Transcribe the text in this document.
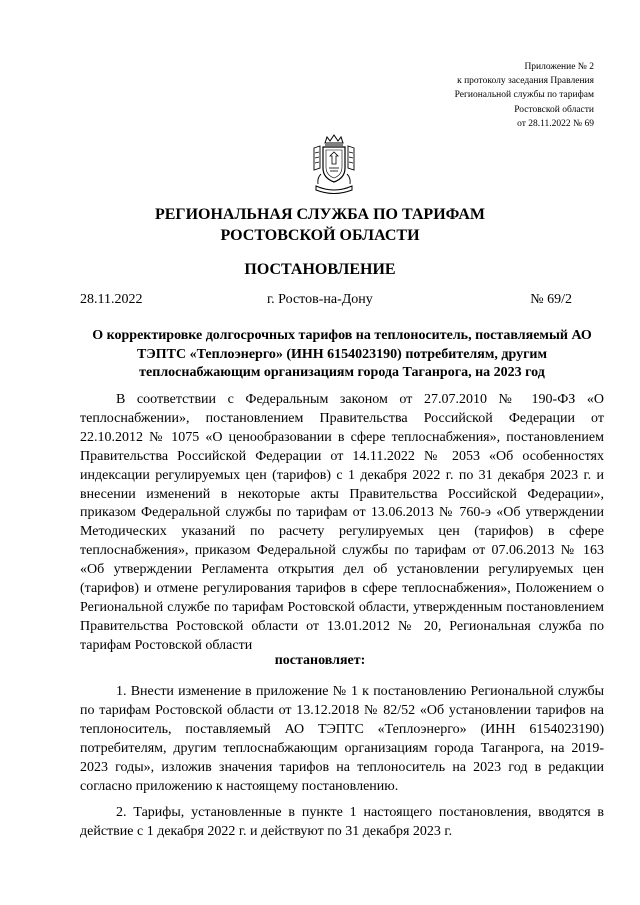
Приложение № 2
к протоколу заседания Правления
Региональной службы по тарифам
Ростовской области
от 28.11.2022 № 69
РЕГИОНАЛЬНАЯ СЛУЖБА ПО ТАРИФАМ
РОСТОВСКОЙ ОБЛАСТИ
ПОСТАНОВЛЕНИЕ
28.11.2022	г. Ростов-на-Дону	№ 69/2
О корректировке долгосрочных тарифов на теплоноситель, поставляемый АО ТЭПТС «Теплоэнерго» (ИНН 6154023190) потребителям, другим теплоснабжающим организациям города Таганрога, на 2023 год

В соответствии с Федеральным законом от 27.07.2010 № 190-ФЗ «О теплоснабжении», постановлением Правительства Российской Федерации от 22.10.2012 № 1075 «О ценообразовании в сфере теплоснабжения», постановлением Правительства Российской Федерации от 14.11.2022 № 2053 «Об особенностях индексации регулируемых цен (тарифов) с 1 декабря 2022 г. по 31 декабря 2023 г. и внесении изменений в некоторые акты Правительства Российской Федерации», приказом Федеральной службы по тарифам от 13.06.2013 № 760-э «Об утверждении Методических указаний по расчету регулируемых цен (тарифов) в сфере теплоснабжения», приказом Федеральной службы по тарифам от 07.06.2013 № 163 «Об утверждении Регламента открытия дел об установлении регулируемых цен (тарифов) и отмене регулирования тарифов в сфере теплоснабжения», Положением о Региональной службе по тарифам Ростовской области, утвержденным постановлением Правительства Ростовской области от 13.01.2012 № 20, Региональная служба по тарифам Ростовской области

постановляет:

1. Внести изменение в приложение № 1 к постановлению Региональной службы по тарифам Ростовской области от 13.12.2018 № 82/52 «Об установлении тарифов на теплоноситель, поставляемый АО ТЭПТС «Теплоэнерго» (ИНН 6154023190) потребителям, другим теплоснабжающим организациям города Таганрога, на 2019-2023 годы», изложив значения тарифов на теплоноситель на 2023 год в редакции согласно приложению к настоящему постановлению.

2. Тарифы, установленные в пункте 1 настоящего постановления, вводятся в действие с 1 декабря 2022 г. и действуют по 31 декабря 2023 г.
